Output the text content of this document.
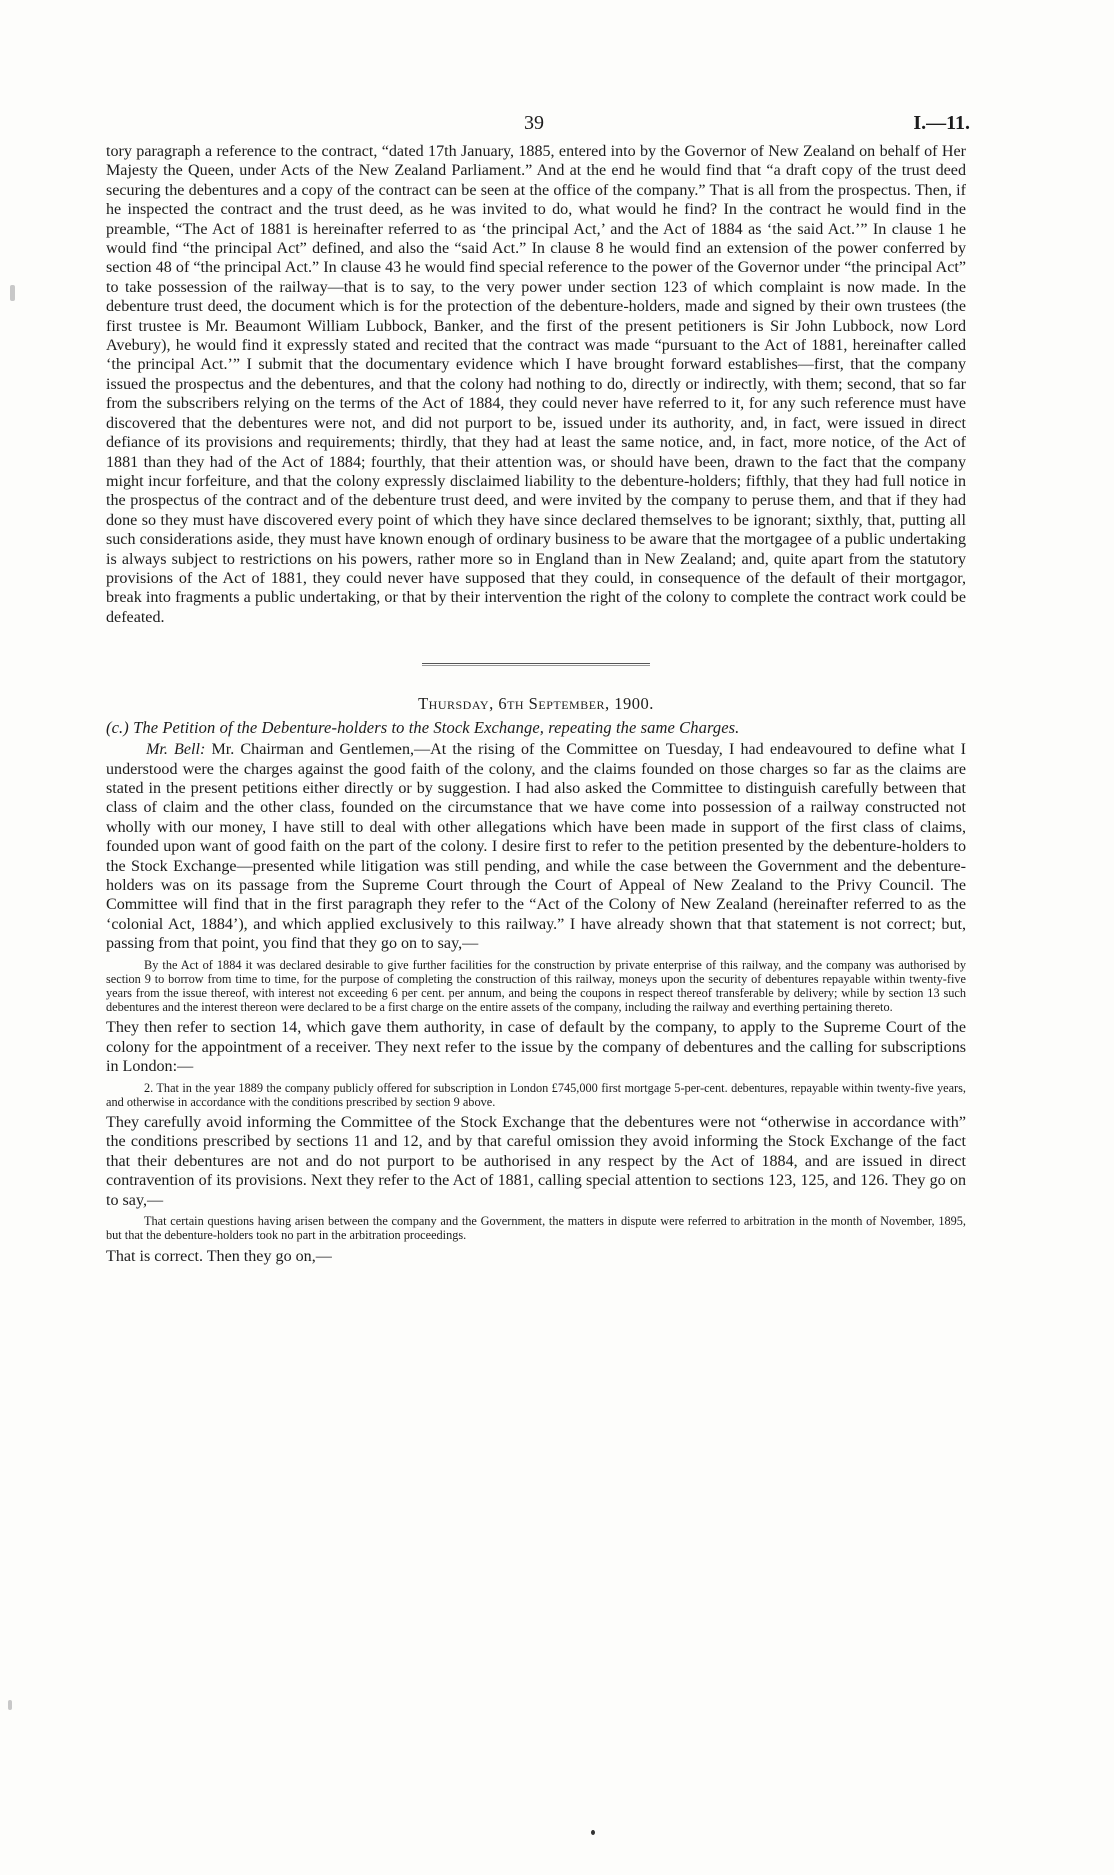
39	I.—11.

tory paragraph a reference to the contract, “dated 17th January, 1885, entered into by the Governor of New Zealand on behalf of Her Majesty the Queen, under Acts of the New Zealand Parliament.” And at the end he would find that “a draft copy of the trust deed securing the debentures and a copy of the contract can be seen at the office of the company.” That is all from the prospectus. Then, if he inspected the contract and the trust deed, as he was invited to do, what would he find? In the contract he would find in the preamble, “The Act of 1881 is hereinafter referred to as ‘the principal Act,’ and the Act of 1884 as ‘the said Act.’” In clause 1 he would find “the principal Act” defined, and also the “said Act.” In clause 8 he would find an extension of the power conferred by section 48 of “the principal Act.” In clause 43 he would find special reference to the power of the Governor under “the principal Act” to take possession of the railway—that is to say, to the very power under section 123 of which complaint is now made. In the debenture trust deed, the document which is for the protection of the debenture-holders, made and signed by their own trustees (the first trustee is Mr. Beaumont William Lubbock, Banker, and the first of the present petitioners is Sir John Lubbock, now Lord Avebury), he would find it expressly stated and recited that the contract was made “pursuant to the Act of 1881, hereinafter called ‘the principal Act.’” I submit that the documentary evidence which I have brought forward establishes—first, that the company issued the prospectus and the debentures, and that the colony had nothing to do, directly or indirectly, with them; second, that so far from the subscribers relying on the terms of the Act of 1884, they could never have referred to it, for any such reference must have discovered that the debentures were not, and did not purport to be, issued under its authority, and, in fact, were issued in direct defiance of its provisions and requirements; thirdly, that they had at least the same notice, and, in fact, more notice, of the Act of 1881 than they had of the Act of 1884; fourthly, that their attention was, or should have been, drawn to the fact that the company might incur forfeiture, and that the colony expressly disclaimed liability to the debenture-holders; fifthly, that they had full notice in the prospectus of the contract and of the debenture trust deed, and were invited by the company to peruse them, and that if they had done so they must have discovered every point of which they have since declared themselves to be ignorant; sixthly, that, putting all such considerations aside, they must have known enough of ordinary business to be aware that the mortgagee of a public undertaking is always subject to restrictions on his powers, rather more so in England than in New Zealand; and, quite apart from the statutory provisions of the Act of 1881, they could never have supposed that they could, in consequence of the default of their mortgagor, break into fragments a public undertaking, or that by their intervention the right of the colony to complete the contract work could be defeated.

Thursday, 6th September, 1900.
(c.) The Petition of the Debenture-holders to the Stock Exchange, repeating the same Charges.

Mr. Bell: Mr. Chairman and Gentlemen,—At the rising of the Committee on Tuesday, I had endeavoured to define what I understood were the charges against the good faith of the colony, and the claims founded on those charges so far as the claims are stated in the present petitions either directly or by suggestion. I had also asked the Committee to distinguish carefully between that class of claim and the other class, founded on the circumstance that we have come into possession of a railway constructed not wholly with our money, I have still to deal with other allegations which have been made in support of the first class of claims, founded upon want of good faith on the part of the colony. I desire first to refer to the petition presented by the debenture-holders to the Stock Exchange—presented while litigation was still pending, and while the case between the Government and the debenture-holders was on its passage from the Supreme Court through the Court of Appeal of New Zealand to the Privy Council. The Committee will find that in the first paragraph they refer to the “Act of the Colony of New Zealand (hereinafter referred to as the ‘colonial Act, 1884’), and which applied exclusively to this railway.” I have already shown that that statement is not correct; but, passing from that point, you find that they go on to say,—

By the Act of 1884 it was declared desirable to give further facilities for the construction by private enterprise of this railway, and the company was authorised by section 9 to borrow from time to time, for the purpose of completing the construction of this railway, moneys upon the security of debentures repayable within twenty-five years from the issue thereof, with interest not exceeding 6 per cent. per annum, and being the coupons in respect thereof transferable by delivery; while by section 13 such debentures and the interest thereon were declared to be a first charge on the entire assets of the company, including the railway and everthing pertaining thereto.

They then refer to section 14, which gave them authority, in case of default by the company, to apply to the Supreme Court of the colony for the appointment of a receiver. They next refer to the issue by the company of debentures and the calling for subscriptions in London:—

2. That in the year 1889 the company publicly offered for subscription in London £745,000 first mortgage 5-per-cent. debentures, repayable within twenty-five years, and otherwise in accordance with the conditions prescribed by section 9 above.

They carefully avoid informing the Committee of the Stock Exchange that the debentures were not “otherwise in accordance with” the conditions prescribed by sections 11 and 12, and by that careful omission they avoid informing the Stock Exchange of the fact that their debentures are not and do not purport to be authorised in any respect by the Act of 1884, and are issued in direct contravention of its provisions. Next they refer to the Act of 1881, calling special attention to sections 123, 125, and 126. They go on to say,—

That certain questions having arisen between the company and the Government, the matters in dispute were referred to arbitration in the month of November, 1895, but that the debenture-holders took no part in the arbitration proceedings.

That is correct. Then they go on,—
